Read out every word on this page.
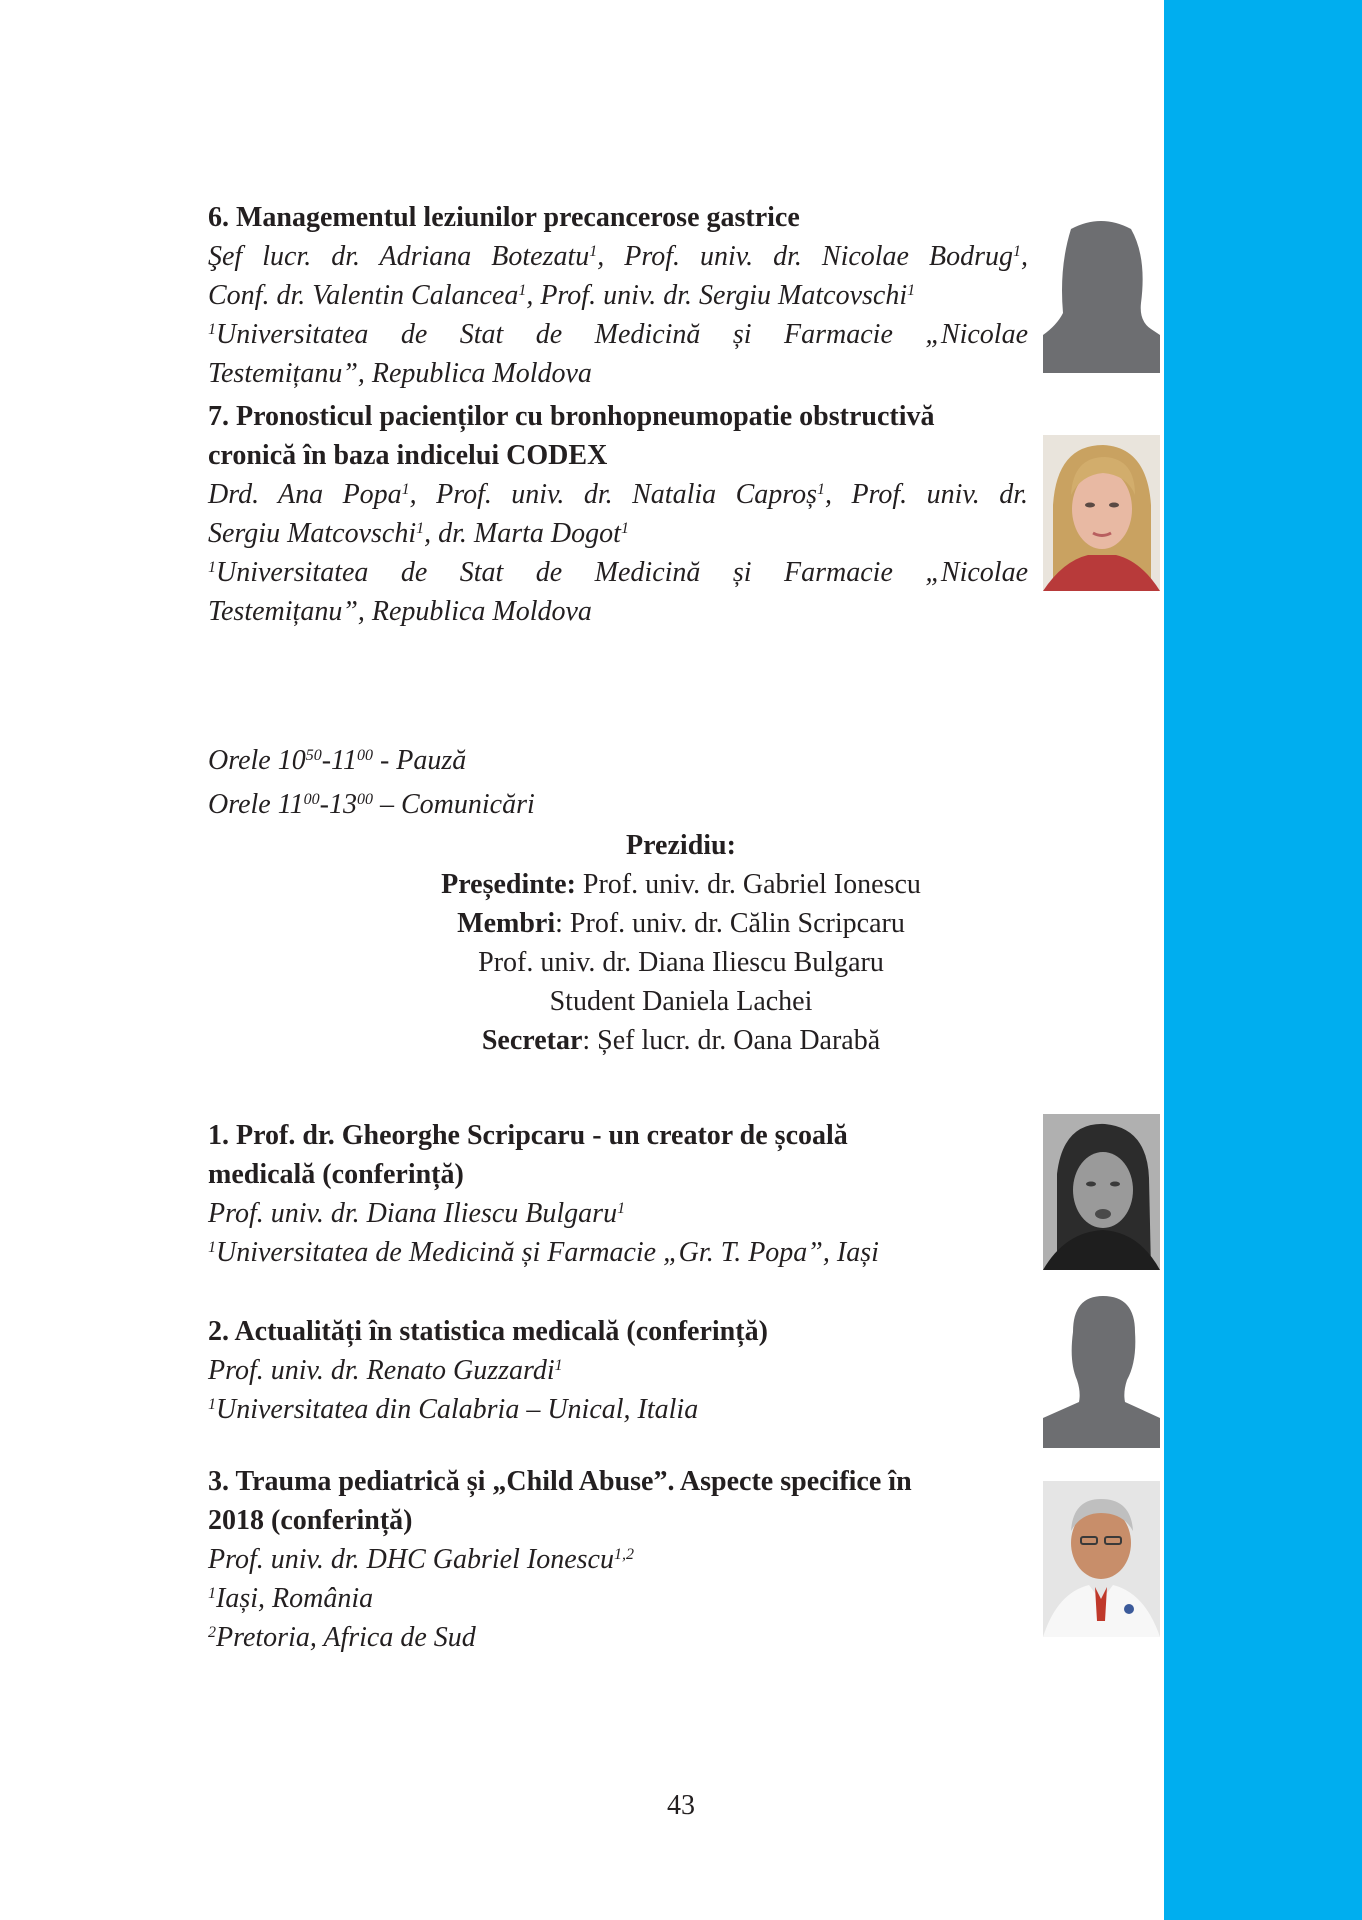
6. Managementul leziunilor precancerose gastrice

Şef lucr. dr. Adriana Botezatu$^1$, Prof. univ. dr. Nicolae Bodrug$^1$,

Conf. dr. Valentin Calancea$^1$, Prof. univ. dr. Sergiu Matcovschi$^1$

$^1$Universitatea de Stat de Medicină și Farmacie „Nicolae

Testemițanu”, Republica Moldova

7. Pronosticul pacienților cu bronhopneumopatie obstructivă

cronică în baza indicelui CODEX

Drd. Ana Popa$^1$, Prof. univ. dr. Natalia Caproș$^1$, Prof. univ. dr.

Sergiu Matcovschi$^1$, dr. Marta Dogot$^1$

$^1$Universitatea de Stat de Medicină și Farmacie „Nicolae

Testemițanu”, Republica Moldova

Orele $10^{50}-11^{00}$ - Pauză

Orele $11^{00}-13^{00}$ – Comunicări

Prezidiu:

Președinte: Prof. univ. dr. Gabriel Ionescu

Membri: Prof. univ. dr. Călin Scripcaru

Prof. univ. dr. Diana Iliescu Bulgaru

Student Daniela Lachei

Secretar: Șef lucr. dr. Oana Darabă

1. Prof. dr. Gheorghe Scripcaru - un creator de școală

medicală (conferință)

Prof. univ. dr. Diana Iliescu Bulgaru$^1$

$^1$Universitatea de Medicină și Farmacie „Gr. T. Popa”, Iași

2. Actualități în statistica medicală (conferință)

Prof. univ. dr. Renato Guzzardi$^1$

$^1$Universitatea din Calabria – Unical, Italia

3. Trauma pediatrică și „Child Abuse”. Aspecte specifice în

2018 (conferință)

Prof. univ. dr. DHC Gabriel Ionescu$^{1,2}$

$^1$Iași, România

$^2$Pretoria, Africa de Sud

43
